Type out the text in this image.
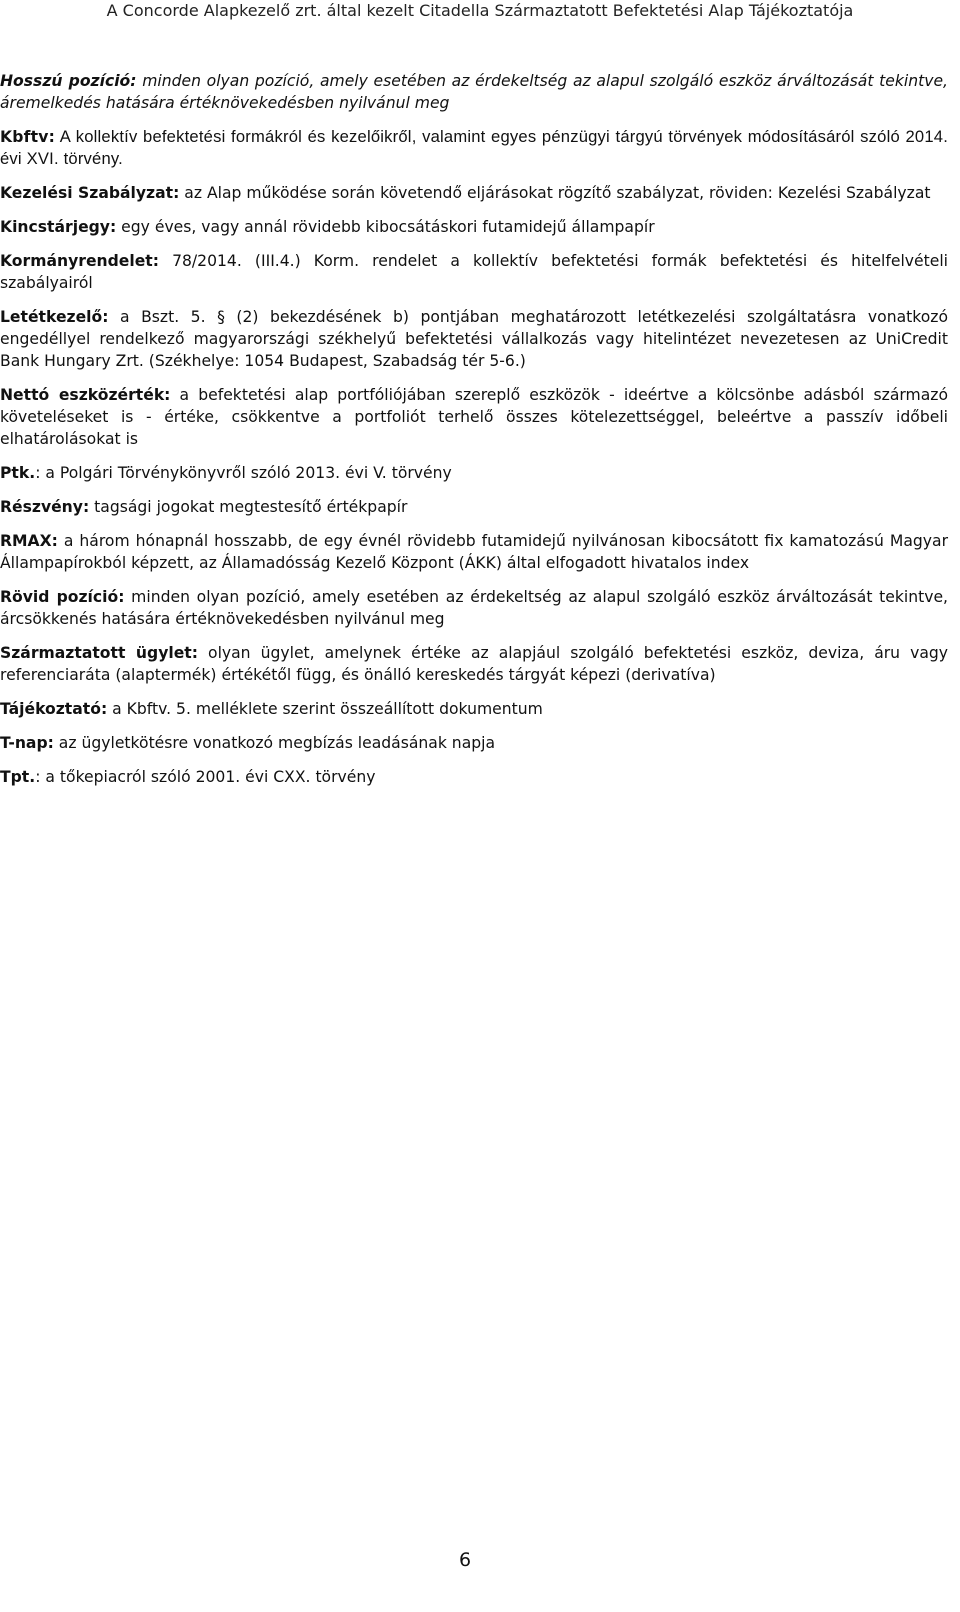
A Concorde Alapkezelő zrt. által kezelt Citadella Származtatott Befektetési Alap Tájékoztatója

Hosszú pozíció: minden olyan pozíció, amely esetében az érdekeltség az alapul szolgáló eszköz árváltozását tekintve, áremelkedés hatására értéknövekedésben nyilvánul meg

Kbftv: A kollektív befektetési formákról és kezelőikről, valamint egyes pénzügyi tárgyú törvények módosításáról szóló 2014. évi XVI. törvény.

Kezelési Szabályzat: az Alap működése során követendő eljárásokat rögzítő szabályzat, röviden: Kezelési Szabályzat

Kincstárjegy: egy éves, vagy annál rövidebb kibocsátáskori futamidejű állampapír

Kormányrendelet: 78/2014. (III.4.) Korm. rendelet a kollektív befektetési formák befektetési és hitelfelvételi szabályairól

Letétkezelő: a Bszt. 5. § (2) bekezdésének b) pontjában meghatározott letétkezelési szolgáltatásra vonatkozó engedéllyel rendelkező magyarországi székhelyű befektetési vállalkozás vagy hitelintézet nevezetesen az UniCredit Bank Hungary Zrt. (Székhelye: 1054 Budapest, Szabadság tér 5-6.)

Nettó eszközérték: a befektetési alap portfóliójában szereplő eszközök - ideértve a kölcsönbe adásból származó követeléseket is - értéke, csökkentve a portfoliót terhelő összes kötelezettséggel, beleértve a passzív időbeli elhatárolásokat is

Ptk.: a Polgári Törvénykönyvről szóló 2013. évi V. törvény

Részvény: tagsági jogokat megtestesítő értékpapír

RMAX: a három hónapnál hosszabb, de egy évnél rövidebb futamidejű nyilvánosan kibocsátott fix kamatozású Magyar Állampapírokból képzett, az Államadósság Kezelő Központ (ÁKK) által elfogadott hivatalos index

Rövid pozíció: minden olyan pozíció, amely esetében az érdekeltség az alapul szolgáló eszköz árváltozását tekintve, árcsökkenés hatására értéknövekedésben nyilvánul meg

Származtatott ügylet: olyan ügylet, amelynek értéke az alapjául szolgáló befektetési eszköz, deviza, áru vagy referenciaráta (alaptermék) értékétől függ, és önálló kereskedés tárgyát képezi (derivatíva)

Tájékoztató: a Kbftv. 5. melléklete szerint összeállított dokumentum

T-nap: az ügyletkötésre vonatkozó megbízás leadásának napja

Tpt.: a tőkepiacról szóló 2001. évi CXX. törvény

6
